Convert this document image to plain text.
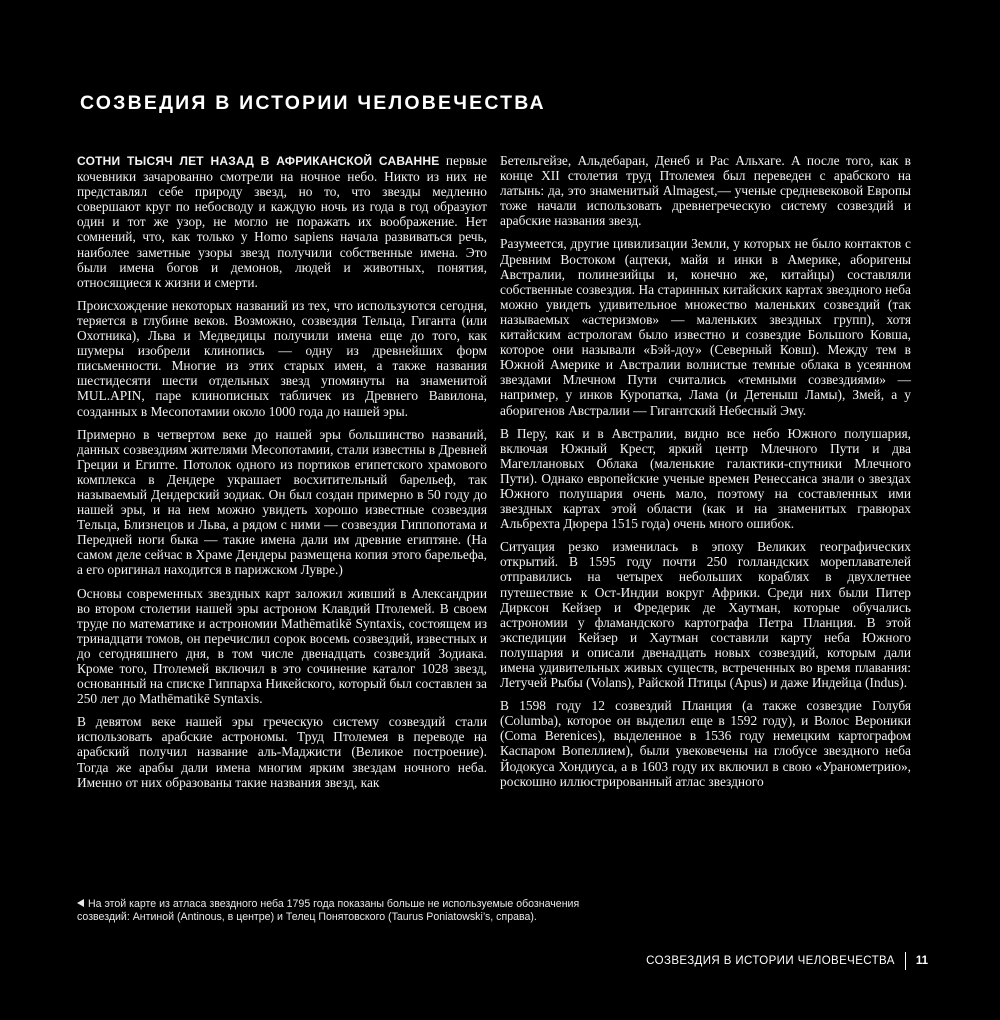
СОЗВЕДИЯ В ИСТОРИИ ЧЕЛОВЕЧЕСТВА

СОТНИ ТЫСЯЧ ЛЕТ НАЗАД В АФРИКАНСКОЙ САВАННЕ первые кочевники зачарованно смотрели на ночное небо. Никто из них не представлял себе природу звезд, но то, что звезды медленно совершают круг по небосводу и каждую ночь из года в год образуют один и тот же узор, не могло не поражать их воображение. Нет сомнений, что, как только у Homo sapiens начала развиваться речь, наиболее заметные узоры звезд получили собственные имена. Это были имена богов и демонов, людей и животных, понятия, относящиеся к жизни и смерти.

Происхождение некоторых названий из тех, что используются сегодня, теряется в глубине веков. Возможно, созвездия Тельца, Гиганта (или Охотника), Льва и Медведицы получили имена еще до того, как шумеры изобрели клинопись — одну из древнейших форм письменности. Многие из этих старых имен, а также названия шестидесяти шести отдельных звезд упомянуты на знаменитой MUL.APIN, паре клинописных табличек из Древнего Вавилона, созданных в Месопотамии около 1000 года до нашей эры.

Примерно в четвертом веке до нашей эры большинство названий, данных созвездиям жителями Месопотамии, стали известны в Древней Греции и Египте. Потолок одного из портиков египетского храмового комплекса в Дендере украшает восхитительный барельеф, так называемый Дендерский зодиак. Он был создан примерно в 50 году до нашей эры, и на нем можно увидеть хорошо известные созвездия Тельца, Близнецов и Льва, а рядом с ними — созвездия Гиппопотама и Передней ноги быка — такие имена дали им древние египтяне. (На самом деле сейчас в Храме Дендеры размещена копия этого барельефа, а его оригинал находится в парижском Лувре.)

Основы современных звездных карт заложил живший в Александрии во втором столетии нашей эры астроном Клавдий Птолемей. В своем труде по математике и астрономии Mathēmatikē Syntaxis, состоящем из тринадцати томов, он перечислил сорок восемь созвездий, известных и до сегодняшнего дня, в том числе двенадцать созвездий Зодиака. Кроме того, Птолемей включил в это сочинение каталог 1028 звезд, основанный на списке Гиппарха Никейского, который был составлен за 250 лет до Mathēmatikē Syntaxis.

В девятом веке нашей эры греческую систему созвездий стали использовать арабские астрономы. Труд Птолемея в переводе на арабский получил название аль-Маджисти (Великое построение). Тогда же арабы дали имена многим ярким звездам ночного неба. Именно от них образованы такие названия звезд, как

Бетельгейзе, Альдебаран, Денеб и Рас Альхаге. А после того, как в конце XII столетия труд Птолемея был переведен с арабского на латынь: да, это знаменитый Almagest,— ученые средневековой Европы тоже начали использовать древнегреческую систему созвездий и арабские названия звезд.

Разумеется, другие цивилизации Земли, у которых не было контактов с Древним Востоком (ацтеки, майя и инки в Америке, аборигены Австралии, полинезийцы и, конечно же, китайцы) составляли собственные созвездия. На старинных китайских картах звездного неба можно увидеть удивительное множество маленьких созвездий (так называемых «астеризмов» — маленьких звездных групп), хотя китайским астрологам было известно и созвездие Большого Ковша, которое они называли «Бэй-доу» (Северный Ковш). Между тем в Южной Америке и Австралии волнистые темные облака в усеянном звездами Млечном Пути считались «темными созвездиями» — например, у инков Куропатка, Лама (и Детеныш Ламы), Змей, а у аборигенов Австралии — Гигантский Небесный Эму.

В Перу, как и в Австралии, видно все небо Южного полушария, включая Южный Крест, яркий центр Млечного Пути и два Магеллановых Облака (маленькие галактики-спутники Млечного Пути). Однако европейские ученые времен Ренессанса знали о звездах Южного полушария очень мало, поэтому на составленных ими звездных картах этой области (как и на знаменитых гравюрах Альбрехта Дюрера 1515 года) очень много ошибок.

Ситуация резко изменилась в эпоху Великих географических открытий. В 1595 году почти 250 голландских мореплавателей отправились на четырех небольших кораблях в двухлетнее путешествие к Ост-Индии вокруг Африки. Среди них были Питер Дирксон Кейзер и Фредерик де Хаутман, которые обучались астрономии у фламандского картографа Петра Планция. В этой экспедиции Кейзер и Хаутман составили карту неба Южного полушария и описали двенадцать новых созвездий, которым дали имена удивительных живых существ, встреченных во время плавания: Летучей Рыбы (Volans), Райской Птицы (Apus) и даже Индейца (Indus).

В 1598 году 12 созвездий Планция (а также созвездие Голубя (Columba), которое он выделил еще в 1592 году), и Волос Вероники (Coma Berenices), выделенное в 1536 году немецким картографом Каспаром Вопеллием), были увековечены на глобусе звездного неба Йодокуса Хондиуса, а в 1603 году их включил в свою «Уранометрию», роскошно иллюстрированный атлас звездного

На этой карте из атласа звездного неба 1795 года показаны больше не используемые обозначения созвездий: Антиной (Antinous, в центре) и Телец Понятовского (Taurus Poniatowski’s, справа).

СОЗВЕЗДИЯ В ИСТОРИИ ЧЕЛОВЕЧЕСТВА 11
